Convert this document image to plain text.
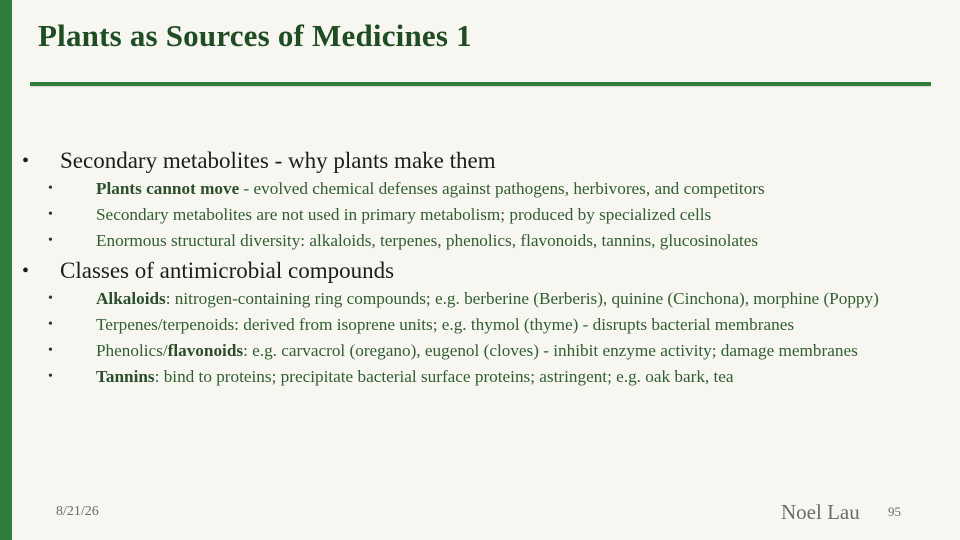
Plants as Sources of Medicines 1
• Secondary metabolites - why plants make them
•	Plants cannot move - evolved chemical defenses against pathogens, herbivores, and competitors
•	Secondary metabolites are not used in primary metabolism; produced by specialized cells
•	Enormous structural diversity: alkaloids, terpenes, phenolics, flavonoids, tannins, glucosinolates
• Classes of antimicrobial compounds
•	Alkaloids: nitrogen-containing ring compounds; e.g. berberine (Berberis), quinine (Cinchona), morphine (Poppy)
•	Terpenes/terpenoids: derived from isoprene units; e.g. thymol (thyme) - disrupts bacterial membranes
•	Phenolics/flavonoids: e.g. carvacrol (oregano), eugenol (cloves) - inhibit enzyme activity; damage membranes
•	Tannins: bind to proteins; precipitate bacterial surface proteins; astringent; e.g. oak bark, tea
8/21/26	Noel Lau 95
